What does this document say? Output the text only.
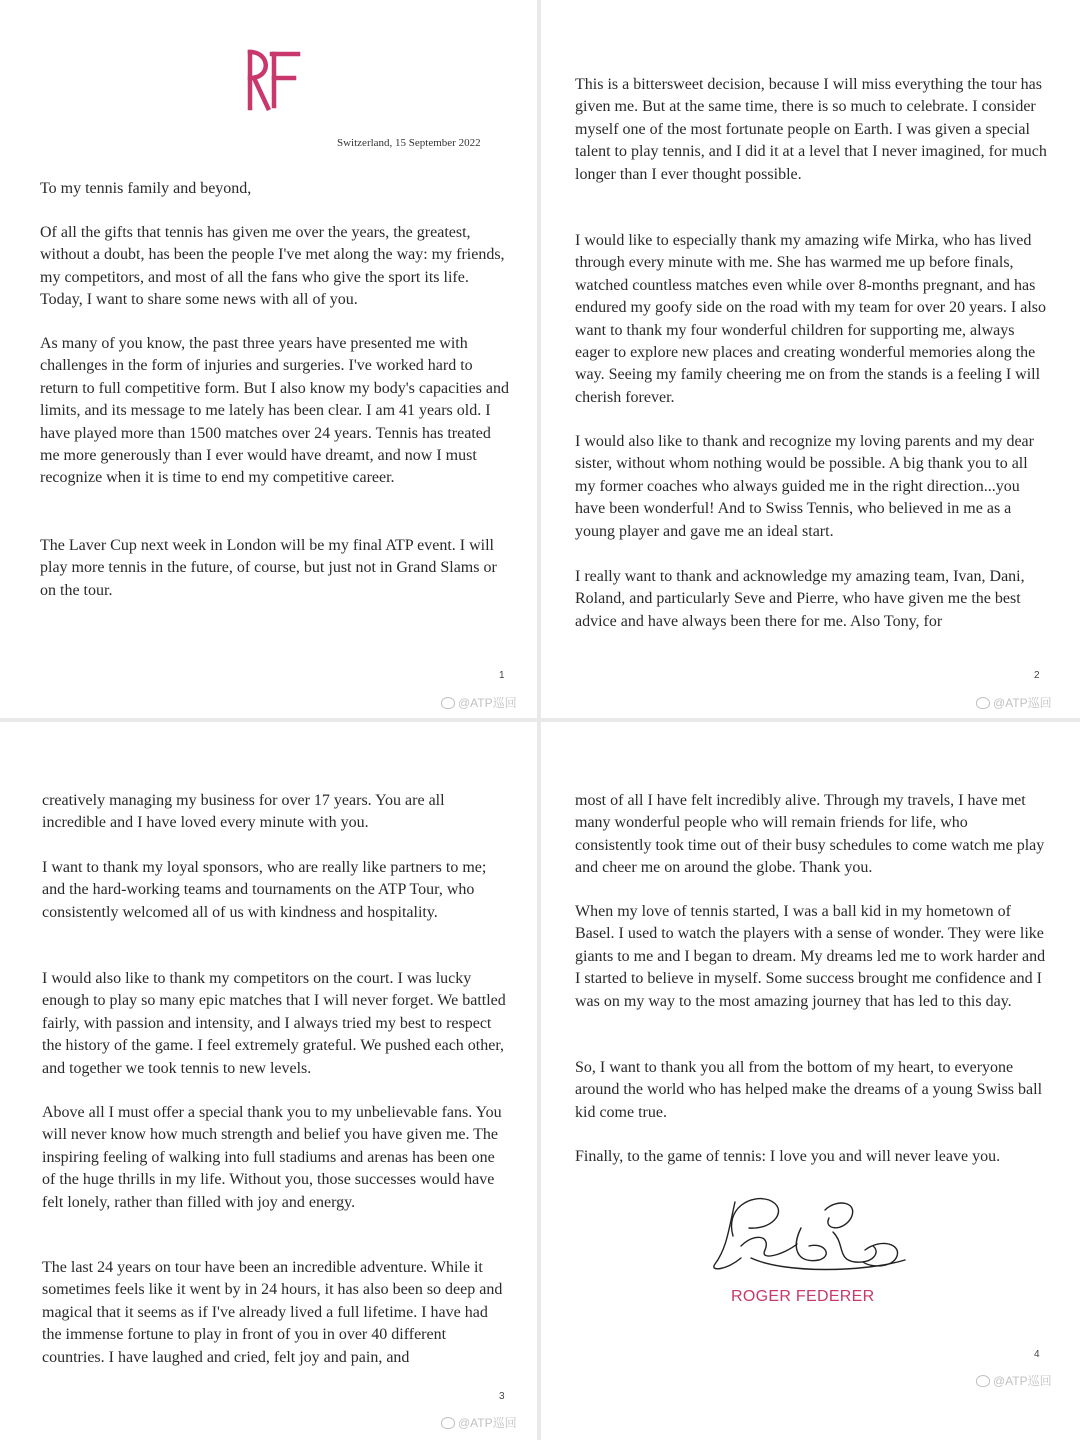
Switzerland, 15 September 2022

To my tennis family and beyond,

Of all the gifts that tennis has given me over the years, the greatest, without a doubt, has been the people I've met along the way: my friends, my competitors, and most of all the fans who give the sport its life. Today, I want to share some news with all of you.

As many of you know, the past three years have presented me with challenges in the form of injuries and surgeries. I've worked hard to return to full competitive form. But I also know my body's capacities and limits, and its message to me lately has been clear. I am 41 years old. I have played more than 1500 matches over 24 years. Tennis has treated me more generously than I ever would have dreamt, and now I must recognize when it is time to end my competitive career.

The Laver Cup next week in London will be my final ATP event. I will play more tennis in the future, of course, but just not in Grand Slams or on the tour.

1
@ATP巡回

This is a bittersweet decision, because I will miss everything the tour has given me. But at the same time, there is so much to celebrate. I consider myself one of the most fortunate people on Earth. I was given a special talent to play tennis, and I did it at a level that I never imagined, for much longer than I ever thought possible.

I would like to especially thank my amazing wife Mirka, who has lived through every minute with me. She has warmed me up before finals, watched countless matches even while over 8-months pregnant, and has endured my goofy side on the road with my team for over 20 years. I also want to thank my four wonderful children for supporting me, always eager to explore new places and creating wonderful memories along the way. Seeing my family cheering me on from the stands is a feeling I will cherish forever.

I would also like to thank and recognize my loving parents and my dear sister, without whom nothing would be possible. A big thank you to all my former coaches who always guided me in the right direction...you have been wonderful! And to Swiss Tennis, who believed in me as a young player and gave me an ideal start.

I really want to thank and acknowledge my amazing team, Ivan, Dani, Roland, and particularly Seve and Pierre, who have given me the best advice and have always been there for me. Also Tony, for

2
@ATP巡回

creatively managing my business for over 17 years. You are all incredible and I have loved every minute with you.

I want to thank my loyal sponsors, who are really like partners to me; and the hard-working teams and tournaments on the ATP Tour, who consistently welcomed all of us with kindness and hospitality.

I would also like to thank my competitors on the court. I was lucky enough to play so many epic matches that I will never forget. We battled fairly, with passion and intensity, and I always tried my best to respect the history of the game. I feel extremely grateful. We pushed each other, and together we took tennis to new levels.

Above all I must offer a special thank you to my unbelievable fans. You will never know how much strength and belief you have given me. The inspiring feeling of walking into full stadiums and arenas has been one of the huge thrills in my life. Without you, those successes would have felt lonely, rather than filled with joy and energy.

The last 24 years on tour have been an incredible adventure. While it sometimes feels like it went by in 24 hours, it has also been so deep and magical that it seems as if I've already lived a full lifetime. I have had the immense fortune to play in front of you in over 40 different countries. I have laughed and cried, felt joy and pain, and

3
@ATP巡回

most of all I have felt incredibly alive. Through my travels, I have met many wonderful people who will remain friends for life, who consistently took time out of their busy schedules to come watch me play and cheer me on around the globe. Thank you.

When my love of tennis started, I was a ball kid in my hometown of Basel. I used to watch the players with a sense of wonder. They were like giants to me and I began to dream. My dreams led me to work harder and I started to believe in myself. Some success brought me confidence and I was on my way to the most amazing journey that has led to this day.

So, I want to thank you all from the bottom of my heart, to everyone around the world who has helped make the dreams of a young Swiss ball kid come true.

Finally, to the game of tennis: I love you and will never leave you.

ROGER FEDERER
4
@ATP巡回
